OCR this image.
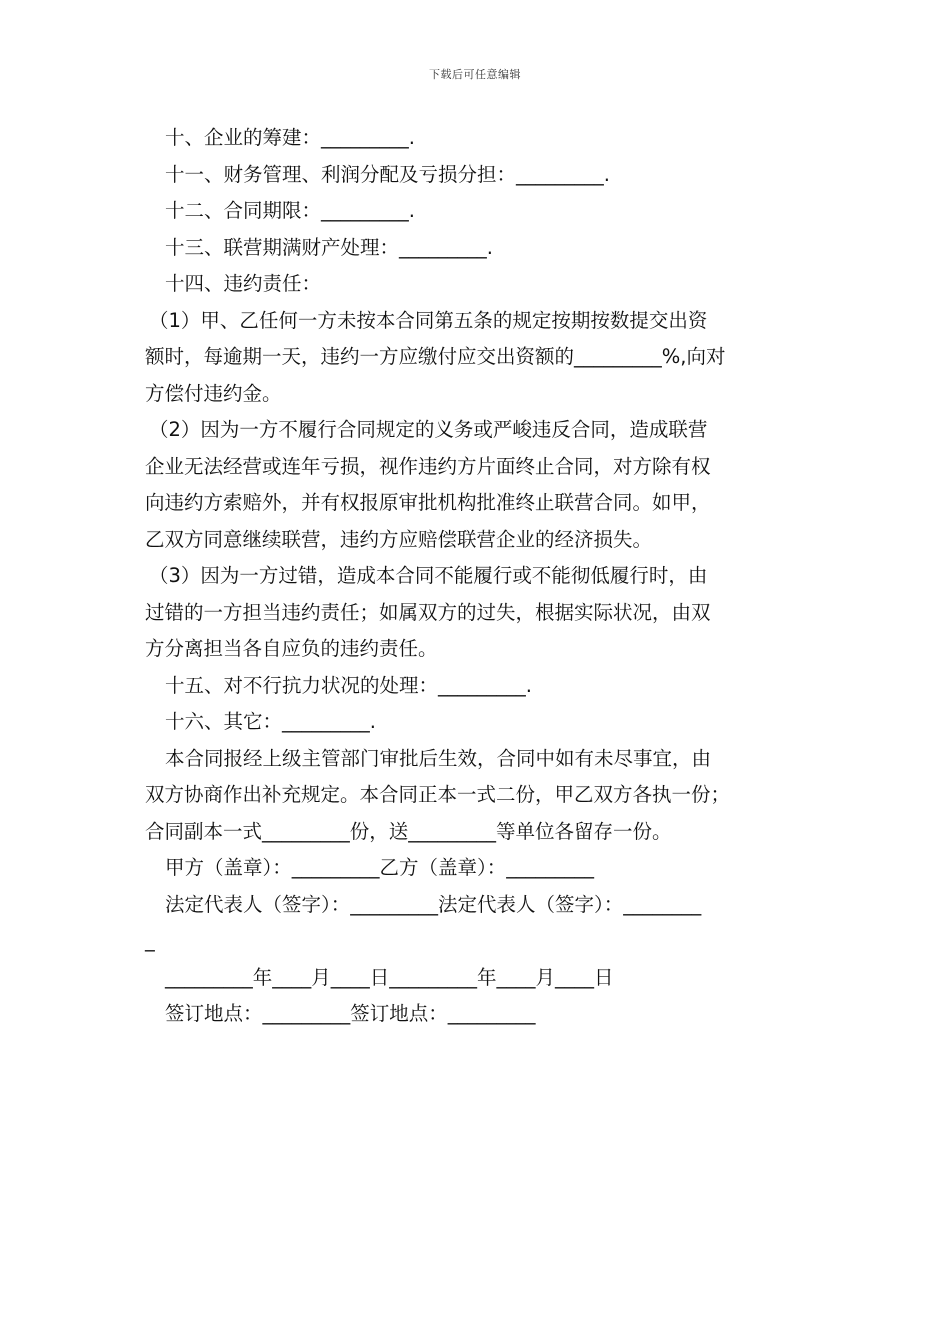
下载后可任意编辑
十、企业的筹建：_________.
十一、财务管理、利润分配及亏损分担：_________.
十二、合同期限：_________.
十三、联营期满财产处理：_________.
十四、违约责任：
（1）甲、乙任何一方未按本合同第五条的规定按期按数提交出资
额时，每逾期一天，违约一方应缴付应交出资额的_________%,向对
方偿付违约金。
（2）因为一方不履行合同规定的义务或严峻违反合同，造成联营
企业无法经营或连年亏损，视作违约方片面终止合同，对方除有权
向违约方索赔外，并有权报原审批机构批准终止联营合同。如甲，
乙双方同意继续联营，违约方应赔偿联营企业的经济损失。
（3）因为一方过错，造成本合同不能履行或不能彻低履行时，由
过错的一方担当违约责任；如属双方的过失，根据实际状况，由双
方分离担当各自应负的违约责任。
十五、对不行抗力状况的处理：_________.
十六、其它：_________.
本合同报经上级主管部门审批后生效，合同中如有未尽事宜，由
双方协商作出补充规定。本合同正本一式二份，甲乙双方各执一份；
合同副本一式_________份，送_________等单位各留存一份。
甲方（盖章）：_________乙方（盖章）：_________
法定代表人（签字）：_________法定代表人（签字）：________
_
_________年____月____日_________年____月____日
签订地点：_________签订地点：_________
